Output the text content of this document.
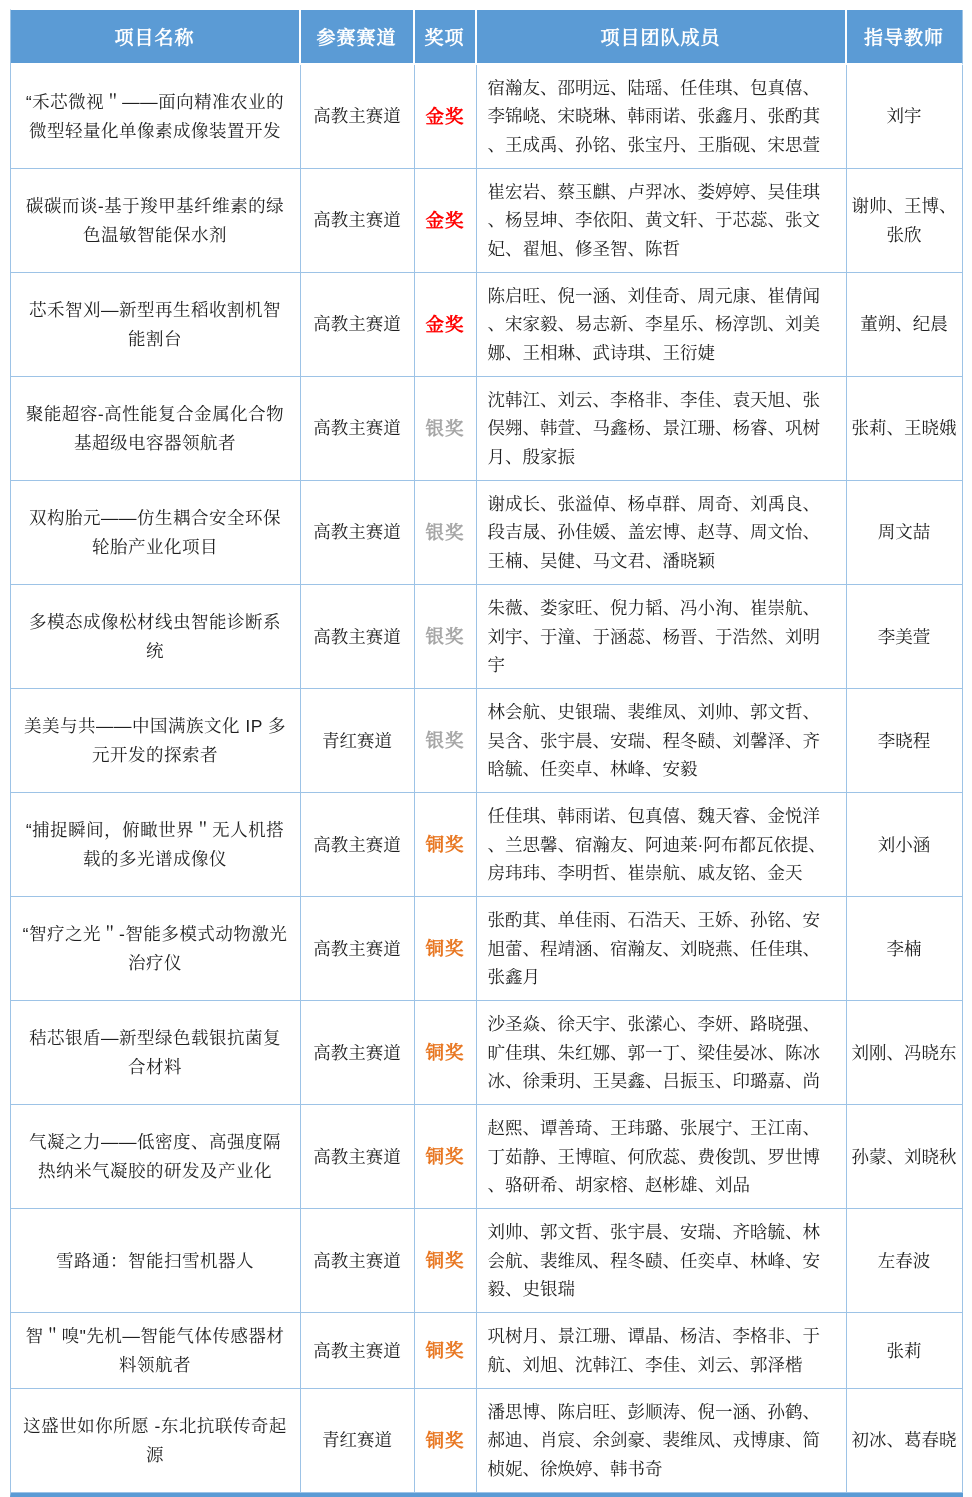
项目名称	参赛赛道	奖项	项目团队成员	指导教师
“禾芯微视＂——面向精准农业的微型轻量化单像素成像装置开发	高教主赛道	金奖	宿瀚友、邵明远、陆瑶、任佳琪、包真僖、李锦峣、宋晓琳、韩雨诺、张鑫月、张酌萁、王成禹、孙铭、张宝丹、王脂砚、宋思萱	刘宇
碳碳而谈-基于羧甲基纤维素的绿色温敏智能保水剂	高教主赛道	金奖	崔宏岩、蔡玉麒、卢羿冰、娄婷婷、吴佳琪、杨昱坤、李依阳、黄文轩、于芯蕊、张文妃、翟旭、修圣智、陈哲	谢帅、王博、张欣
芯禾智刈—新型再生稻收割机智能割台	高教主赛道	金奖	陈启旺、倪一涵、刘佳奇、周元康、崔倩闻、宋家毅、易志新、李星乐、杨淳凯、刘美娜、王相琳、武诗琪、王衍婕	董朔、纪晨
聚能超容-高性能复合金属化合物基超级电容器领航者	高教主赛道	银奖	沈韩江、刘云、李格非、李佳、袁天旭、张俣翙、韩萱、马鑫杨、景江珊、杨睿、巩树月、殷家振	张莉、王晓娥
双构胎元——仿生耦合安全环保轮胎产业化项目	高教主赛道	银奖	谢成长、张溢倬、杨卓群、周奇、刘禹良、段吉晟、孙佳媛、盖宏博、赵荨、周文怡、王楠、吴健、马文君、潘晓颖	周文喆
多模态成像松材线虫智能诊断系统	高教主赛道	银奖	朱薇、娄家旺、倪力韬、冯小洵、崔崇航、刘宇、于潼、于涵蕊、杨晋、于浩然、刘明宇	李美萱
美美与共——中国满族文化 IP 多元开发的探索者	青红赛道	银奖	林会航、史银瑞、裴维凤、刘帅、郭文哲、吴含、张宇晨、安瑞、程冬赜、刘馨泽、齐晗毓、任奕卓、林峰、安毅	李晓程
“捕捉瞬间，俯瞰世界＂无人机搭载的多光谱成像仪	高教主赛道	铜奖	任佳琪、韩雨诺、包真僖、魏天睿、金悦洋、兰思馨、宿瀚友、阿迪莱·阿布都瓦依提、房玮玮、李明哲、崔崇航、戚友铭、金天	刘小涵
“智疗之光＂-智能多模式动物激光治疗仪	高教主赛道	铜奖	张酌萁、单佳雨、石浩天、王娇、孙铭、安旭蕾、程靖涵、宿瀚友、刘晓燕、任佳琪、张鑫月	李楠
秸芯银盾—新型绿色载银抗菌复合材料	高教主赛道	铜奖	沙圣焱、徐天宇、张潆心、李妍、路晓强、旷佳琪、朱红娜、郭一丁、梁佳晏冰、陈冰冰、徐秉玥、王昊鑫、吕振玉、印璐嘉、尚	刘刚、冯晓东
气凝之力——低密度、高强度隔热纳米气凝胶的研发及产业化	高教主赛道	铜奖	赵熙、谭善琦、王玮璐、张展宁、王江南、丁茹静、王博暄、何欣蕊、费俊凯、罗世博、骆研希、胡家榕、赵彬雄、刘品	孙蒙、刘晓秋
雪路通：智能扫雪机器人	高教主赛道	铜奖	刘帅、郭文哲、张宇晨、安瑞、齐晗毓、林会航、裴维凤、程冬赜、任奕卓、林峰、安毅、史银瑞	左春波
智＂嗅"先机—智能气体传感器材料领航者	高教主赛道	铜奖	巩树月、景江珊、谭晶、杨洁、李格非、于航、刘旭、沈韩江、李佳、刘云、郭泽楷	张莉
这盛世如你所愿 -东北抗联传奇起源	青红赛道	铜奖	潘思博、陈启旺、彭顺涛、倪一涵、孙鹤、郝迪、肖宸、余剑豪、裴维凤、戎博康、简桢妮、徐焕婷、韩书奇	初冰、葛春晓
